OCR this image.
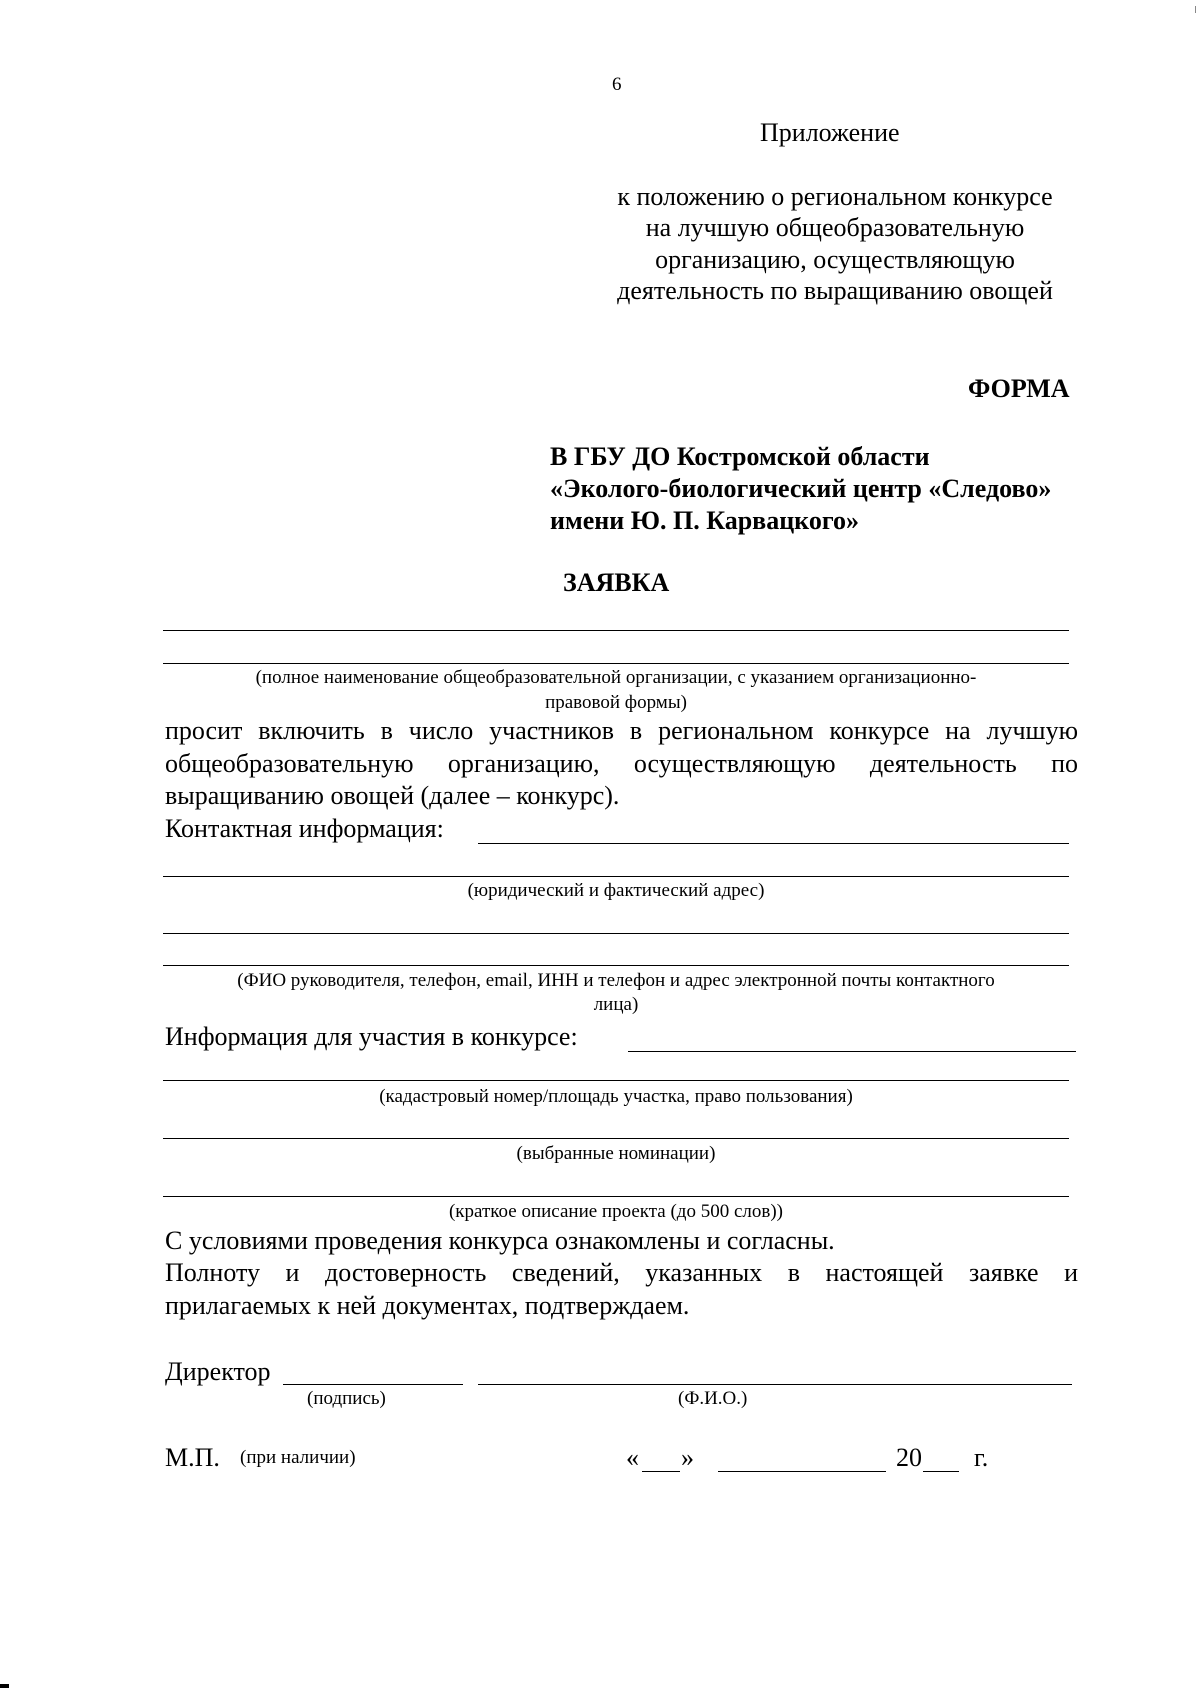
6
Приложение
к положению о региональном конкурсе
на лучшую общеобразовательную
организацию, осуществляющую
деятельность по выращиванию овощей
ФОРМА
В ГБУ ДО Костромской области
«Эколого-биологический центр «Следово»
имени Ю. П. Карвацкого»
ЗАЯВКА
(полное наименование общеобразовательной организации, с указанием организационно-
правовой формы)
просит включить в число участников в региональном конкурсе на лучшую
общеобразовательную организацию, осуществляющую деятельность по
выращиванию овощей (далее – конкурс).
Контактная информация:
(юридический и фактический адрес)
(ФИО руководителя, телефон, email, ИНН и телефон и адрес электронной почты контактного
лица)
Информация для участия в конкурсе:
(кадастровый номер/площадь участка, право пользования)
(выбранные номинации)
(краткое описание проекта (до 500 слов))
С условиями проведения конкурса ознакомлены и согласны.
Полноту и достоверность сведений, указанных в настоящей заявке и
прилагаемых к ней документах, подтверждаем.
Директор
(подпись)	(Ф.И.О.)
М.П. (при наличии)	« »	20 г.
